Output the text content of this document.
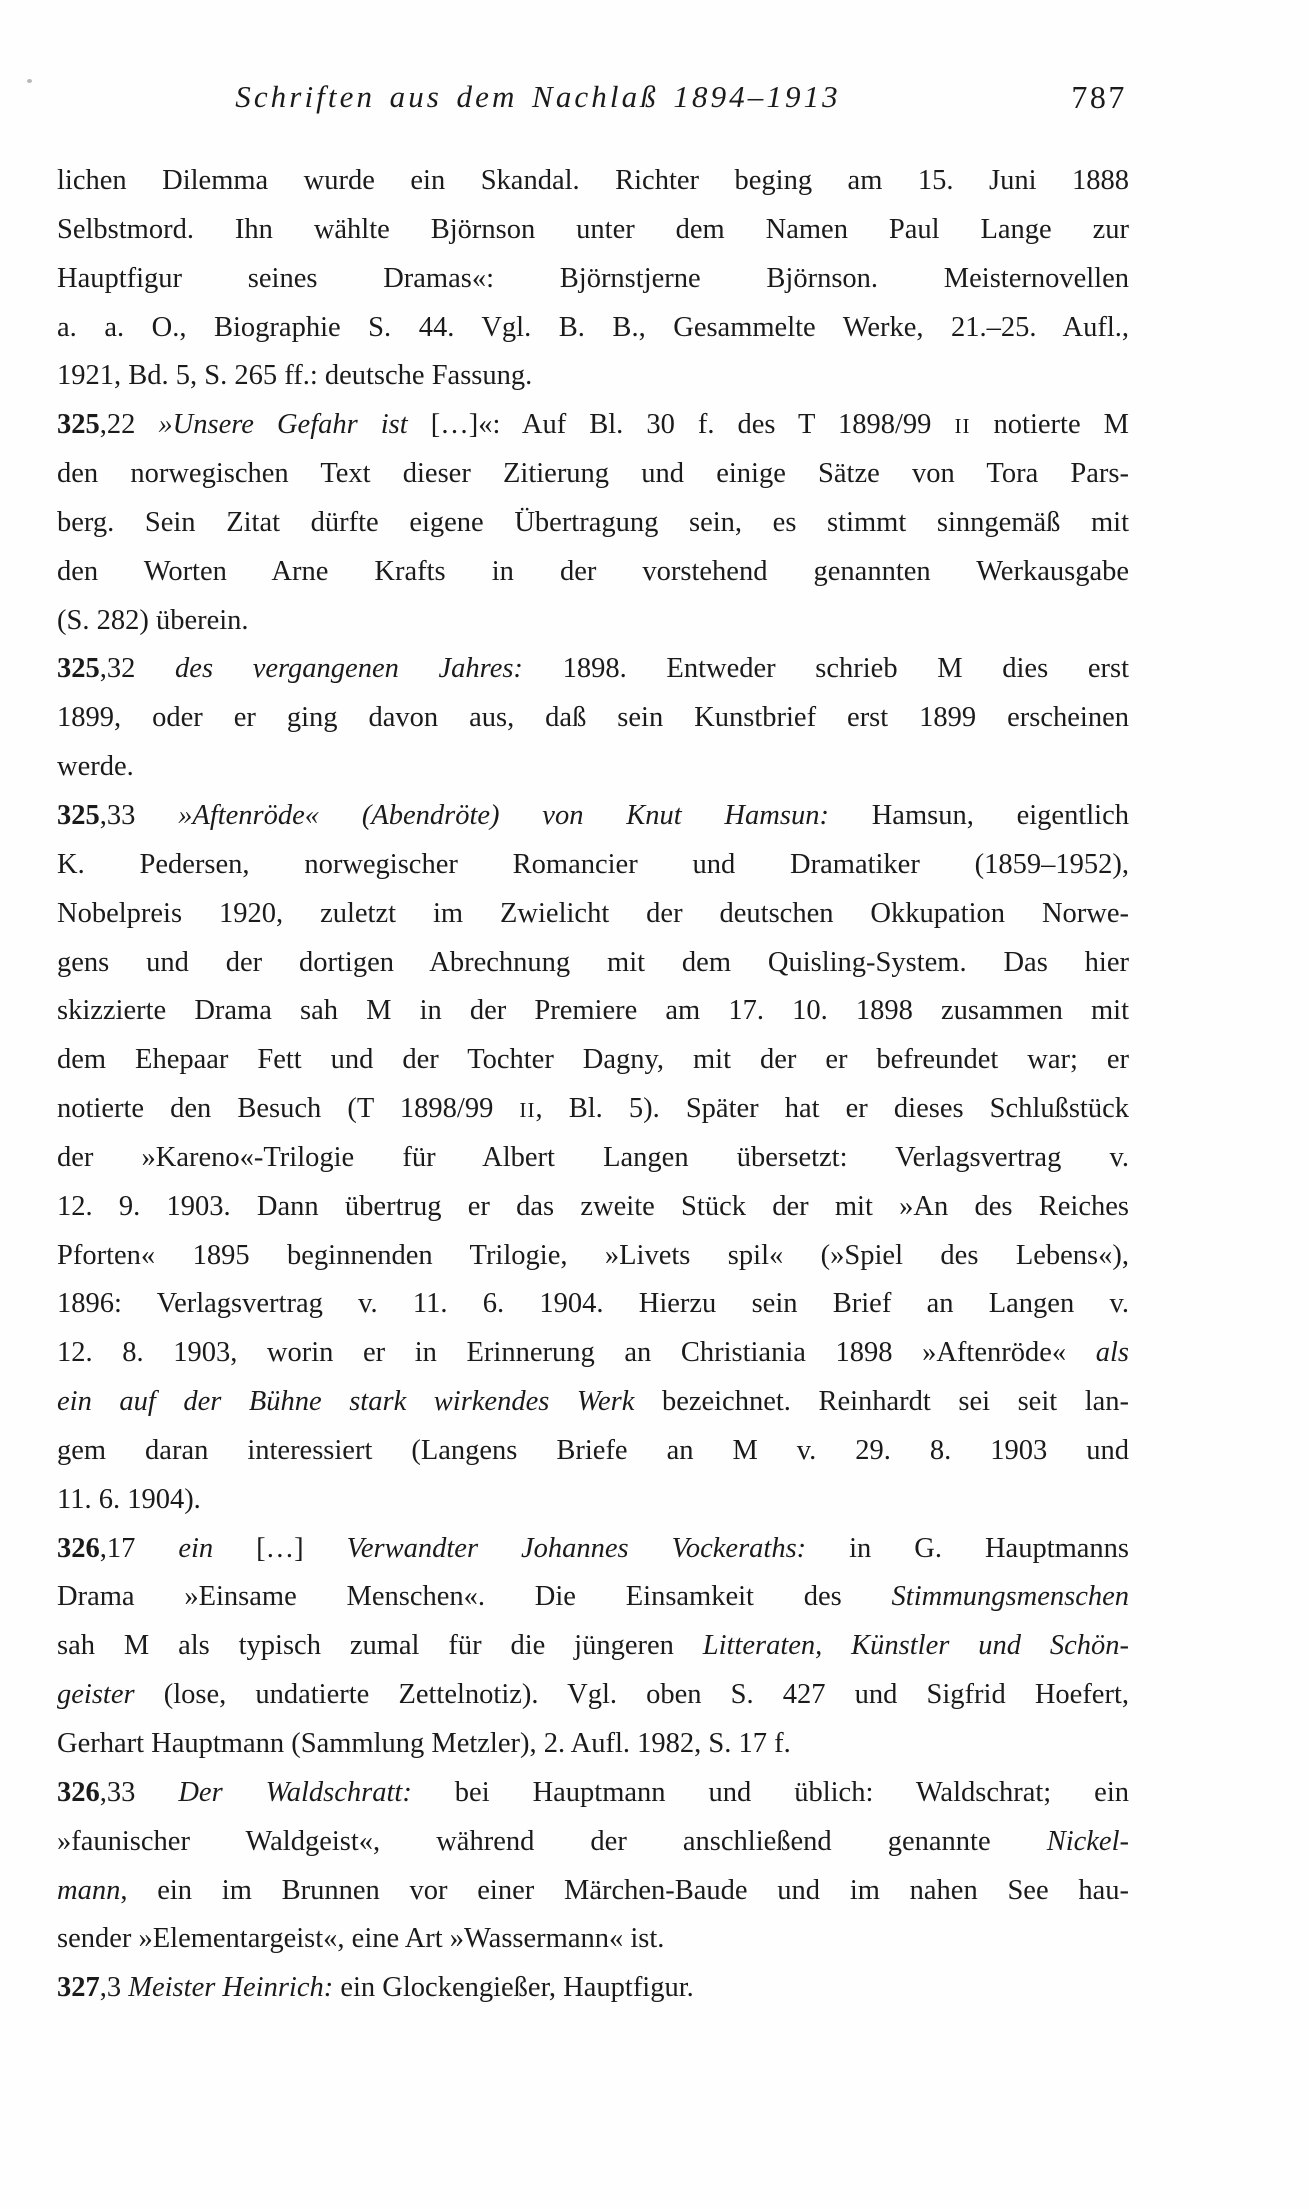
Schriften aus dem Nachlaß 1894–1913	787
lichen Dilemma wurde ein Skandal. Richter beging am 15. Juni 1888
Selbstmord. Ihn wählte Björnson unter dem Namen Paul Lange zur
Hauptfigur seines Dramas«: Björnstjerne Björnson. Meisternovellen
a. a. O., Biographie S. 44. Vgl. B. B., Gesammelte Werke, 21.–25. Aufl.,
1921, Bd. 5, S. 265 ff.: deutsche Fassung.
325,22 »Unsere Gefahr ist […]«: Auf Bl. 30 f. des T 1898/99 II notierte M
den norwegischen Text dieser Zitierung und einige Sätze von Tora Pars-
berg. Sein Zitat dürfte eigene Übertragung sein, es stimmt sinngemäß mit
den Worten Arne Krafts in der vorstehend genannten Werkausgabe
(S. 282) überein.
325,32 des vergangenen Jahres: 1898. Entweder schrieb M dies erst
1899, oder er ging davon aus, daß sein Kunstbrief erst 1899 erscheinen
werde.
325,33 »Aftenröde« (Abendröte) von Knut Hamsun: Hamsun, eigentlich
K. Pedersen, norwegischer Romancier und Dramatiker (1859–1952),
Nobelpreis 1920, zuletzt im Zwielicht der deutschen Okkupation Norwe-
gens und der dortigen Abrechnung mit dem Quisling-System. Das hier
skizzierte Drama sah M in der Premiere am 17. 10. 1898 zusammen mit
dem Ehepaar Fett und der Tochter Dagny, mit der er befreundet war; er
notierte den Besuch (T 1898/99 II, Bl. 5). Später hat er dieses Schlußstück
der »Kareno«-Trilogie für Albert Langen übersetzt: Verlagsvertrag v.
12. 9. 1903. Dann übertrug er das zweite Stück der mit »An des Reiches
Pforten« 1895 beginnenden Trilogie, »Livets spil« (»Spiel des Lebens«),
1896: Verlagsvertrag v. 11. 6. 1904. Hierzu sein Brief an Langen v.
12. 8. 1903, worin er in Erinnerung an Christiania 1898 »Aftenröde« als
ein auf der Bühne stark wirkendes Werk bezeichnet. Reinhardt sei seit lan-
gem daran interessiert (Langens Briefe an M v. 29. 8. 1903 und
11. 6. 1904).
326,17 ein […] Verwandter Johannes Vockeraths: in G. Hauptmanns
Drama »Einsame Menschen«. Die Einsamkeit des Stimmungsmenschen
sah M als typisch zumal für die jüngeren Litteraten, Künstler und Schön-
geister (lose, undatierte Zettelnotiz). Vgl. oben S. 427 und Sigfrid Hoefert,
Gerhart Hauptmann (Sammlung Metzler), 2. Aufl. 1982, S. 17 f.
326,33 Der Waldschratt: bei Hauptmann und üblich: Waldschrat; ein
»faunischer Waldgeist«, während der anschließend genannte Nickel-
mann, ein im Brunnen vor einer Märchen-Baude und im nahen See hau-
sender »Elementargeist«, eine Art »Wassermann« ist.
327,3 Meister Heinrich: ein Glockengießer, Hauptfigur.
